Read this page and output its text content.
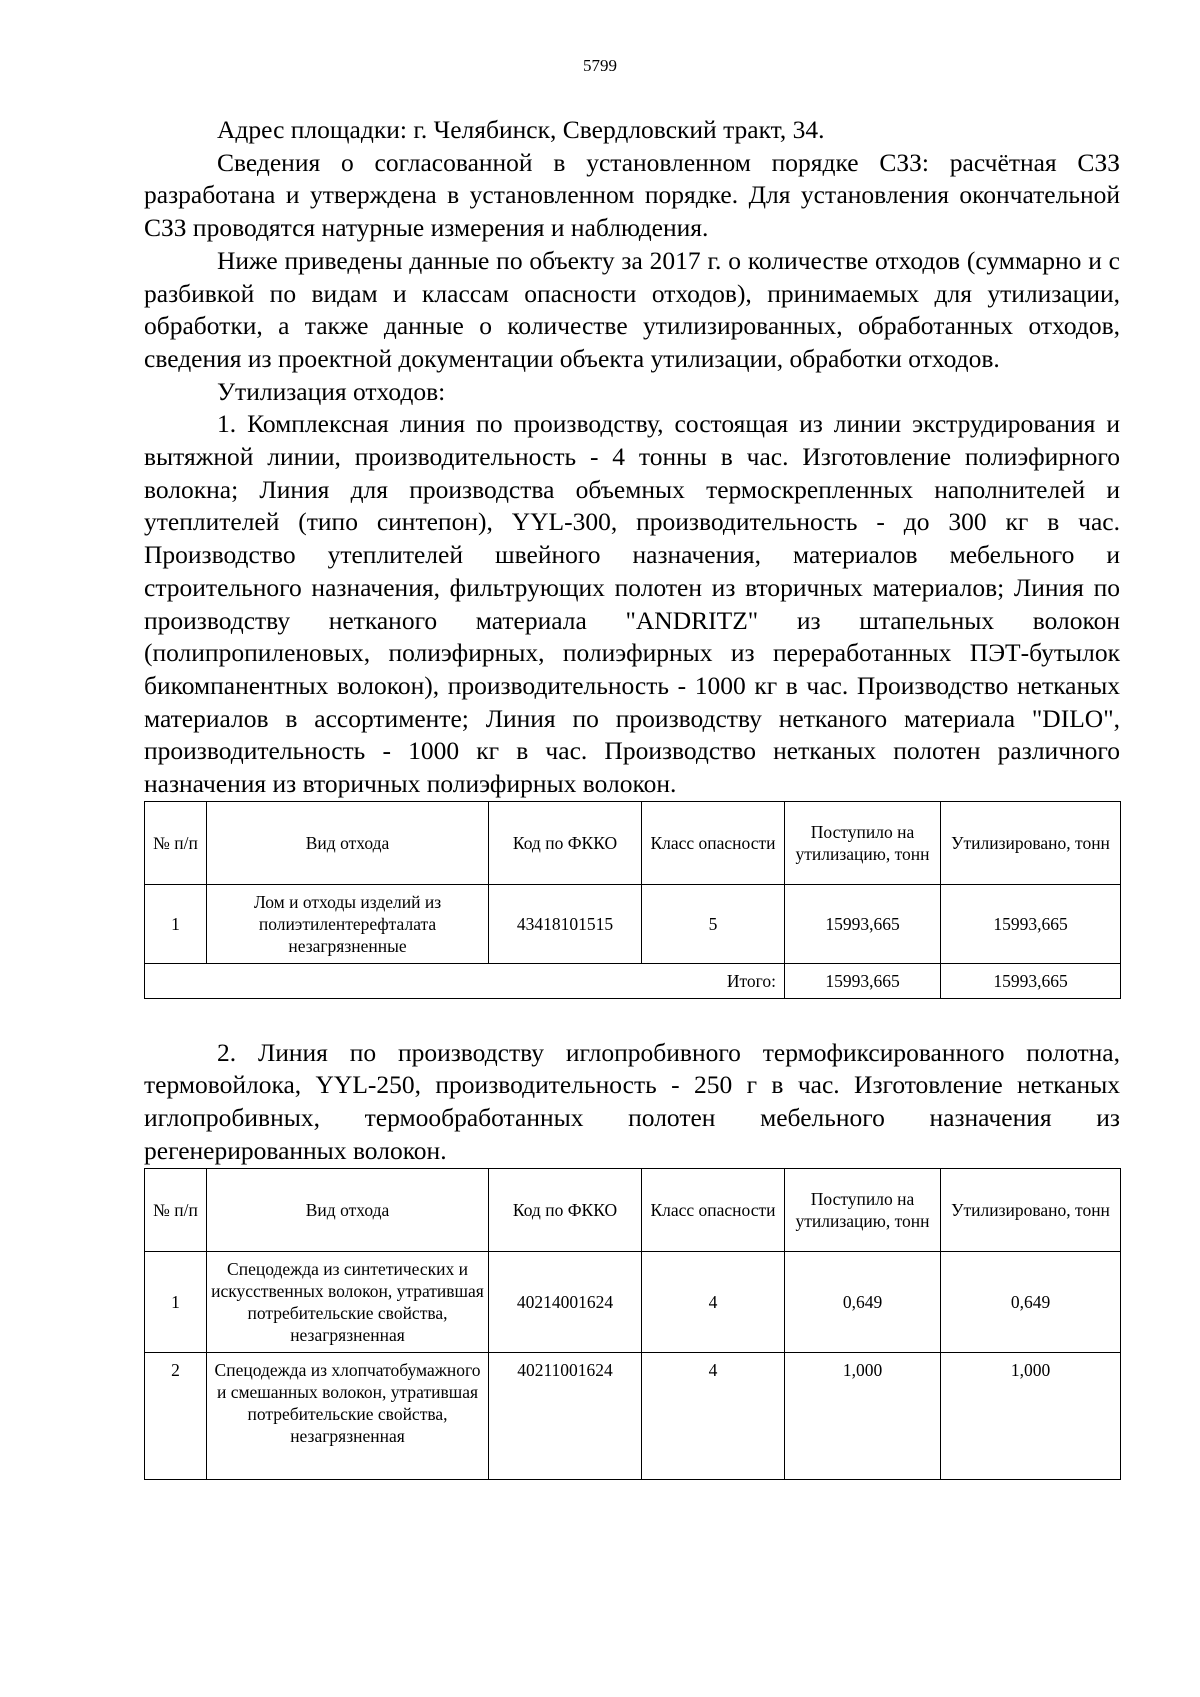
5799

Адрес площадки: г. Челябинск, Свердловский тракт, 34.

Сведения о согласованной в установленном порядке СЗЗ: расчётная СЗЗ разработана и утверждена в установленном порядке. Для установления окончательной СЗЗ проводятся натурные измерения и наблюдения.

Ниже приведены данные по объекту за 2017 г. о количестве отходов (суммарно и с разбивкой по видам и классам опасности отходов), принимаемых для утилизации, обработки, а также данные о количестве утилизированных, обработанных отходов, сведения из проектной документации объекта утилизации, обработки отходов.

Утилизация отходов:

1. Комплексная линия по производству, состоящая из линии экструдирования и вытяжной линии, производительность - 4 тонны в час. Изготовление полиэфирного волокна; Линия для производства объемных термоскрепленных наполнителей и утеплителей (типо синтепон), YYL-300, производительность - до 300 кг в час. Производство утеплителей швейного назначения, материалов мебельного и строительного назначения, фильтрующих полотен из вторичных материалов; Линия по производству нетканого материала "ANDRITZ" из штапельных волокон (полипропиленовых, полиэфирных, полиэфирных из переработанных ПЭТ-бутылок бикомпанентных волокон), производительность - 1000 кг в час. Производство нетканых материалов в ассортименте; Линия по производству нетканого материала "DILO", производительность - 1000 кг в час. Производство нетканых полотен различного назначения из вторичных полиэфирных волокон.

№ п/п	Вид отхода	Код по ФККО	Класс опасности	Поступило на утилизацию, тонн	Утилизировано, тонн
1	Лом и отходы изделий из полиэтилентерефталата незагрязненные	43418101515	5	15993,665	15993,665
Итого:				15993,665	15993,665

2. Линия по производству иглопробивного термофиксированного полотна, термовойлока, YYL-250, производительность - 250 г в час. Изготовление нетканых иглопробивных, термообработанных полотен мебельного назначения из регенерированных волокон.

№ п/п	Вид отхода	Код по ФККО	Класс опасности	Поступило на утилизацию, тонн	Утилизировано, тонн
1	Спецодежда из синтетических и искусственных волокон, утратившая потребительские свойства, незагрязненная	40214001624	4	0,649	0,649
2	Спецодежда из хлопчатобумажного и смешанных волокон, утратившая потребительские свойства, незагрязненная	40211001624	4	1,000	1,000
